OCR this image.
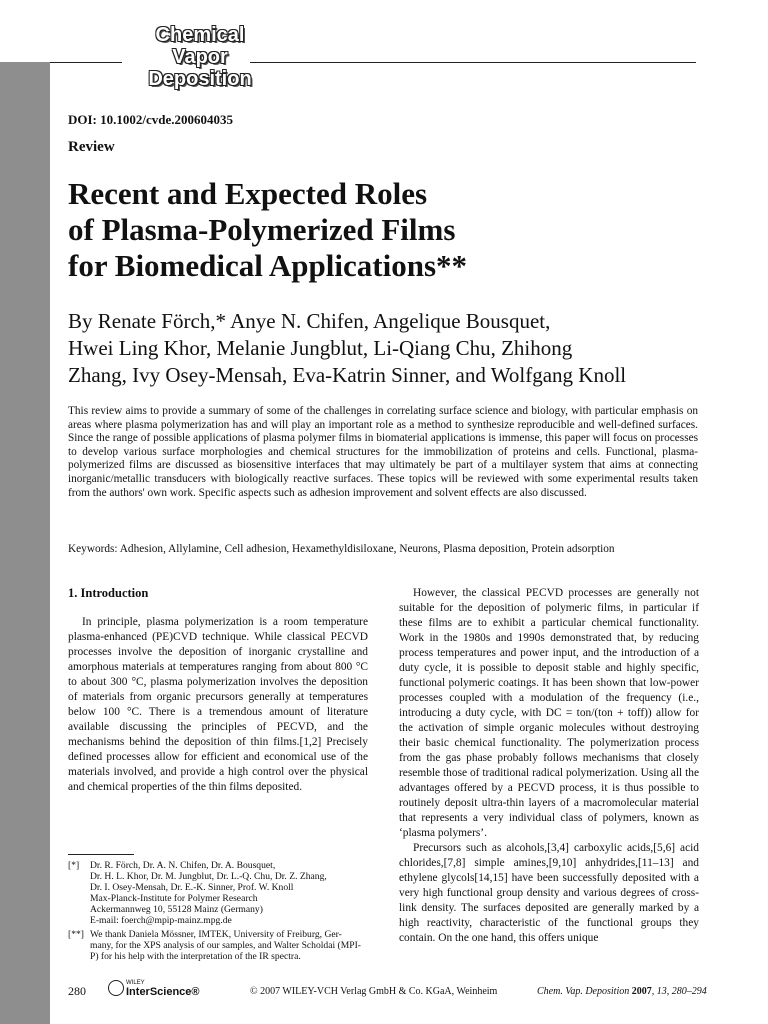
Chemical
Vapor
Deposition
DOI: 10.1002/cvde.200604035
Review
Recent and Expected Roles
of Plasma-Polymerized Films
for Biomedical Applications**
By Renate Förch,* Anye N. Chifen, Angelique Bousquet,
Hwei Ling Khor, Melanie Jungblut, Li-Qiang Chu, Zhihong
Zhang, Ivy Osey-Mensah, Eva-Katrin Sinner, and Wolfgang Knoll

This review aims to provide a summary of some of the challenges in correlating surface science and biology, with particular emphasis on areas where plasma polymerization has and will play an important role as a method to synthesize reproducible and well-defined surfaces. Since the range of possible applications of plasma polymer films in biomaterial applications is immense, this paper will focus on processes to develop various surface morphologies and chemical structures for the immobilization of proteins and cells. Functional, plasma-polymerized films are discussed as biosensitive interfaces that may ultimately be part of a multilayer system that aims at connecting inorganic/metallic transducers with biologically reactive surfaces. These topics will be reviewed with some experimental results taken from the authors' own work. Specific aspects such as adhesion improvement and solvent effects are also discussed.

Keywords: Adhesion, Allylamine, Cell adhesion, Hexamethyldisiloxane, Neurons, Plasma deposition, Protein adsorption
1. Introduction

In principle, plasma polymerization is a room temperature plasma-enhanced (PE)CVD technique. While classical PECVD processes involve the deposition of inorganic crystalline and amorphous materials at temperatures ranging from about 800 °C to about 300 °C, plasma polymerization involves the deposition of materials from organic precursors generally at temperatures below 100 °C. There is a tremendous amount of literature available discussing the principles of PECVD, and the mechanisms behind the deposition of thin films.[1,2] Precisely defined processes allow for efficient and economical use of the materials involved, and provide a high control over the physical and chemical properties of the thin films deposited.

However, the classical PECVD processes are generally not suitable for the deposition of polymeric films, in particular if these films are to exhibit a particular chemical functionality. Work in the 1980s and 1990s demonstrated that, by reducing process temperatures and power input, and the introduction of a duty cycle, it is possible to deposit stable and highly specific, functional polymeric coatings. It has been shown that low-power processes coupled with a modulation of the frequency (i.e., introducing a duty cycle, with DC = ton/(ton + toff)) allow for the activation of simple organic molecules without destroying their basic chemical functionality. The polymerization process from the gas phase probably follows mechanisms that closely resemble those of traditional radical polymerization. Using all the advantages offered by a PECVD process, it is thus possible to routinely deposit ultra-thin layers of a macromolecular material that represents a very individual class of polymers, known as ‘plasma polymers’.

Precursors such as alcohols,[3,4] carboxylic acids,[5,6] acid chlorides,[7,8] simple amines,[9,10] anhydrides,[11–13] and ethylene glycols[14,15] have been successfully deposited with a very high functional group density and various degrees of cross-link density. The surfaces deposited are generally marked by a high reactivity, characteristic of the functional groups they contain. On the one hand, this offers unique

[*]	Dr. R. Förch, Dr. A. N. Chifen, Dr. A. Bousquet,
Dr. H. L. Khor, Dr. M. Jungblut, Dr. L.-Q. Chu, Dr. Z. Zhang,
Dr. I. Osey-Mensah, Dr. E.-K. Sinner, Prof. W. Knoll
Max-Planck-Institute for Polymer Research
Ackermannweg 10, 55128 Mainz (Germany)
E-mail: foerch@mpip-mainz.mpg.de
[**] We thank Daniela Mössner, IMTEK, University of Freiburg, Ger-
many, for the XPS analysis of our samples, and Walter Scholdai (MPI-
P) for his help with the interpretation of the IR spectra.
280
WILEY
InterScience®	© 2007 WILEY-VCH Verlag GmbH & Co. KGaA, Weinheim	Chem. Vap. Deposition 2007, 13, 280–294
